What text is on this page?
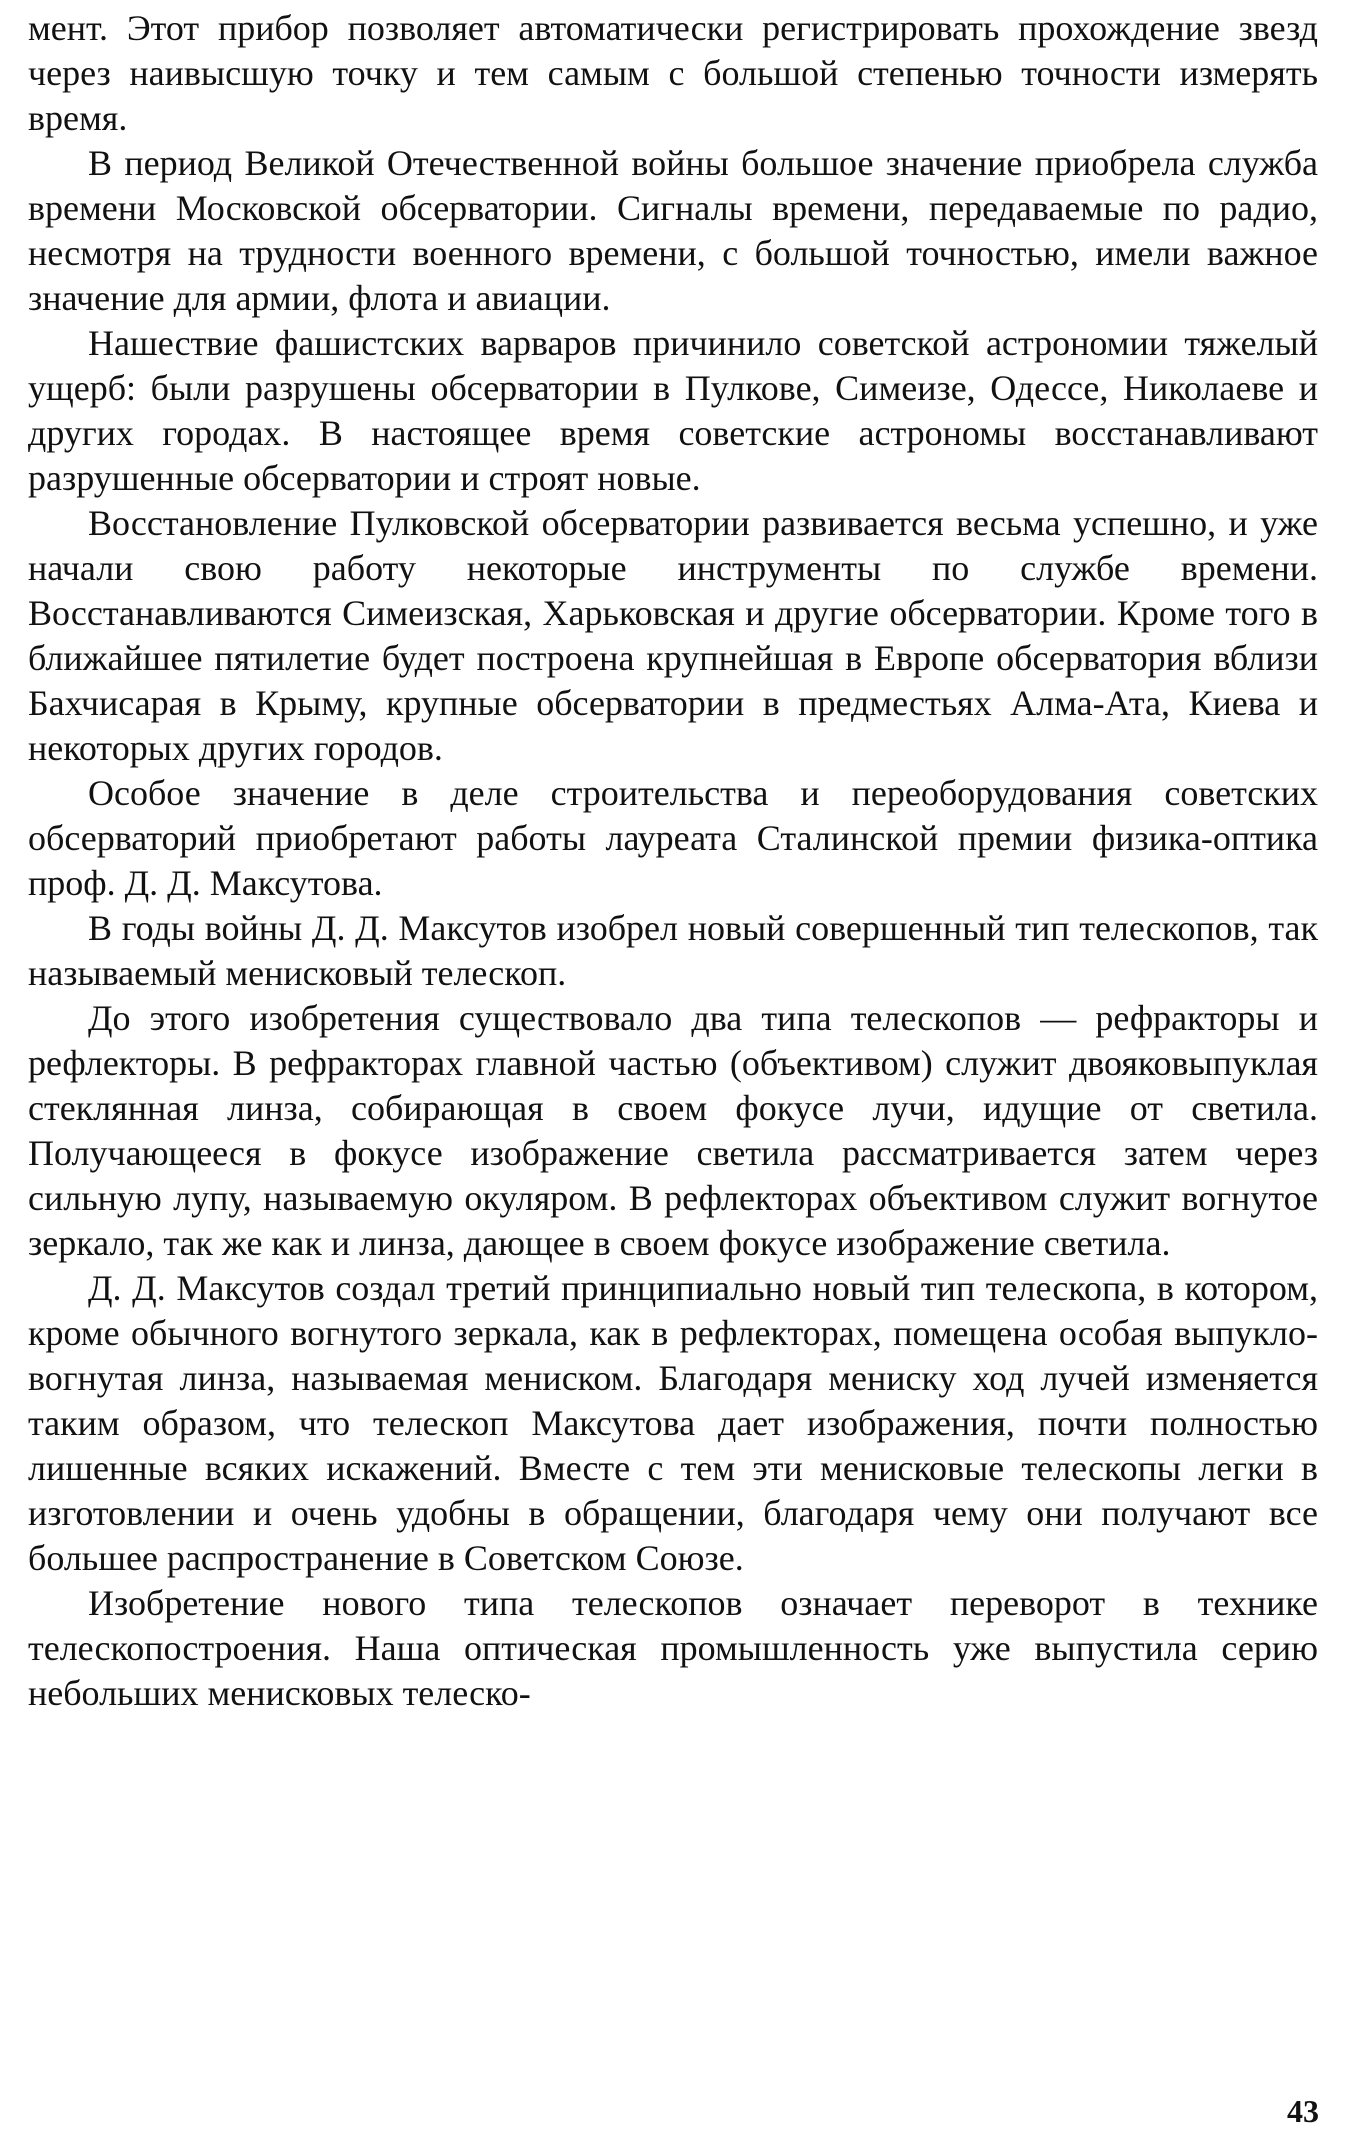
мент. Этот прибор позволяет автоматически регистрировать прохождение звезд через наивысшую точку и тем самым с большой степенью точности измерять время.

В период Великой Отечественной войны большое значение приобрела служба времени Московской обсерватории. Сигналы времени, передаваемые по радио, несмотря на трудности военного времени, с большой точностью, имели важное значение для армии, флота и авиации.

Нашествие фашистских варваров причинило советской астрономии тяжелый ущерб: были разрушены обсерватории в Пулкове, Симеизе, Одессе, Николаеве и других городах. В настоящее время советские астрономы восстанавливают разрушенные обсерватории и строят новые.

Восстановление Пулковской обсерватории развивается весьма успешно, и уже начали свою работу некоторые инструменты по службе времени. Восстанавливаются Симеизская, Харьковская и другие обсерватории. Кроме того в ближайшее пятилетие будет построена крупнейшая в Европе обсерватория вблизи Бахчисарая в Крыму, крупные обсерватории в предместьях Алма-Ата, Киева и некоторых других городов.

Особое значение в деле строительства и переоборудования советских обсерваторий приобретают работы лауреата Сталинской премии физика-оптика проф. Д. Д. Максутова.

В годы войны Д. Д. Максутов изобрел новый совершенный тип телескопов, так называемый менисковый телескоп.

До этого изобретения существовало два типа телескопов — рефракторы и рефлекторы. В рефракторах главной частью (объективом) служит двояковыпуклая стеклянная линза, собирающая в своем фокусе лучи, идущие от светила. Получающееся в фокусе изображение светила рассматривается затем через сильную лупу, называемую окуляром. В рефлекторах объективом служит вогнутое зеркало, так же как и линза, дающее в своем фокусе изображение светила.

Д. Д. Максутов создал третий принципиально новый тип телескопа, в котором, кроме обычного вогнутого зеркала, как в рефлекторах, помещена особая выпукло-вогнутая линза, называемая мениском. Благодаря мениску ход лучей изменяется таким образом, что телескоп Максутова дает изображения, почти полностью лишенные всяких искажений. Вместе с тем эти менисковые телескопы легки в изготовлении и очень удобны в обращении, благодаря чему они получают все большее распространение в Советском Союзе.

Изобретение нового типа телескопов означает переворот в технике телескопостроения. Наша оптическая промышленность уже выпустила серию небольших менисковых телеско-

43
